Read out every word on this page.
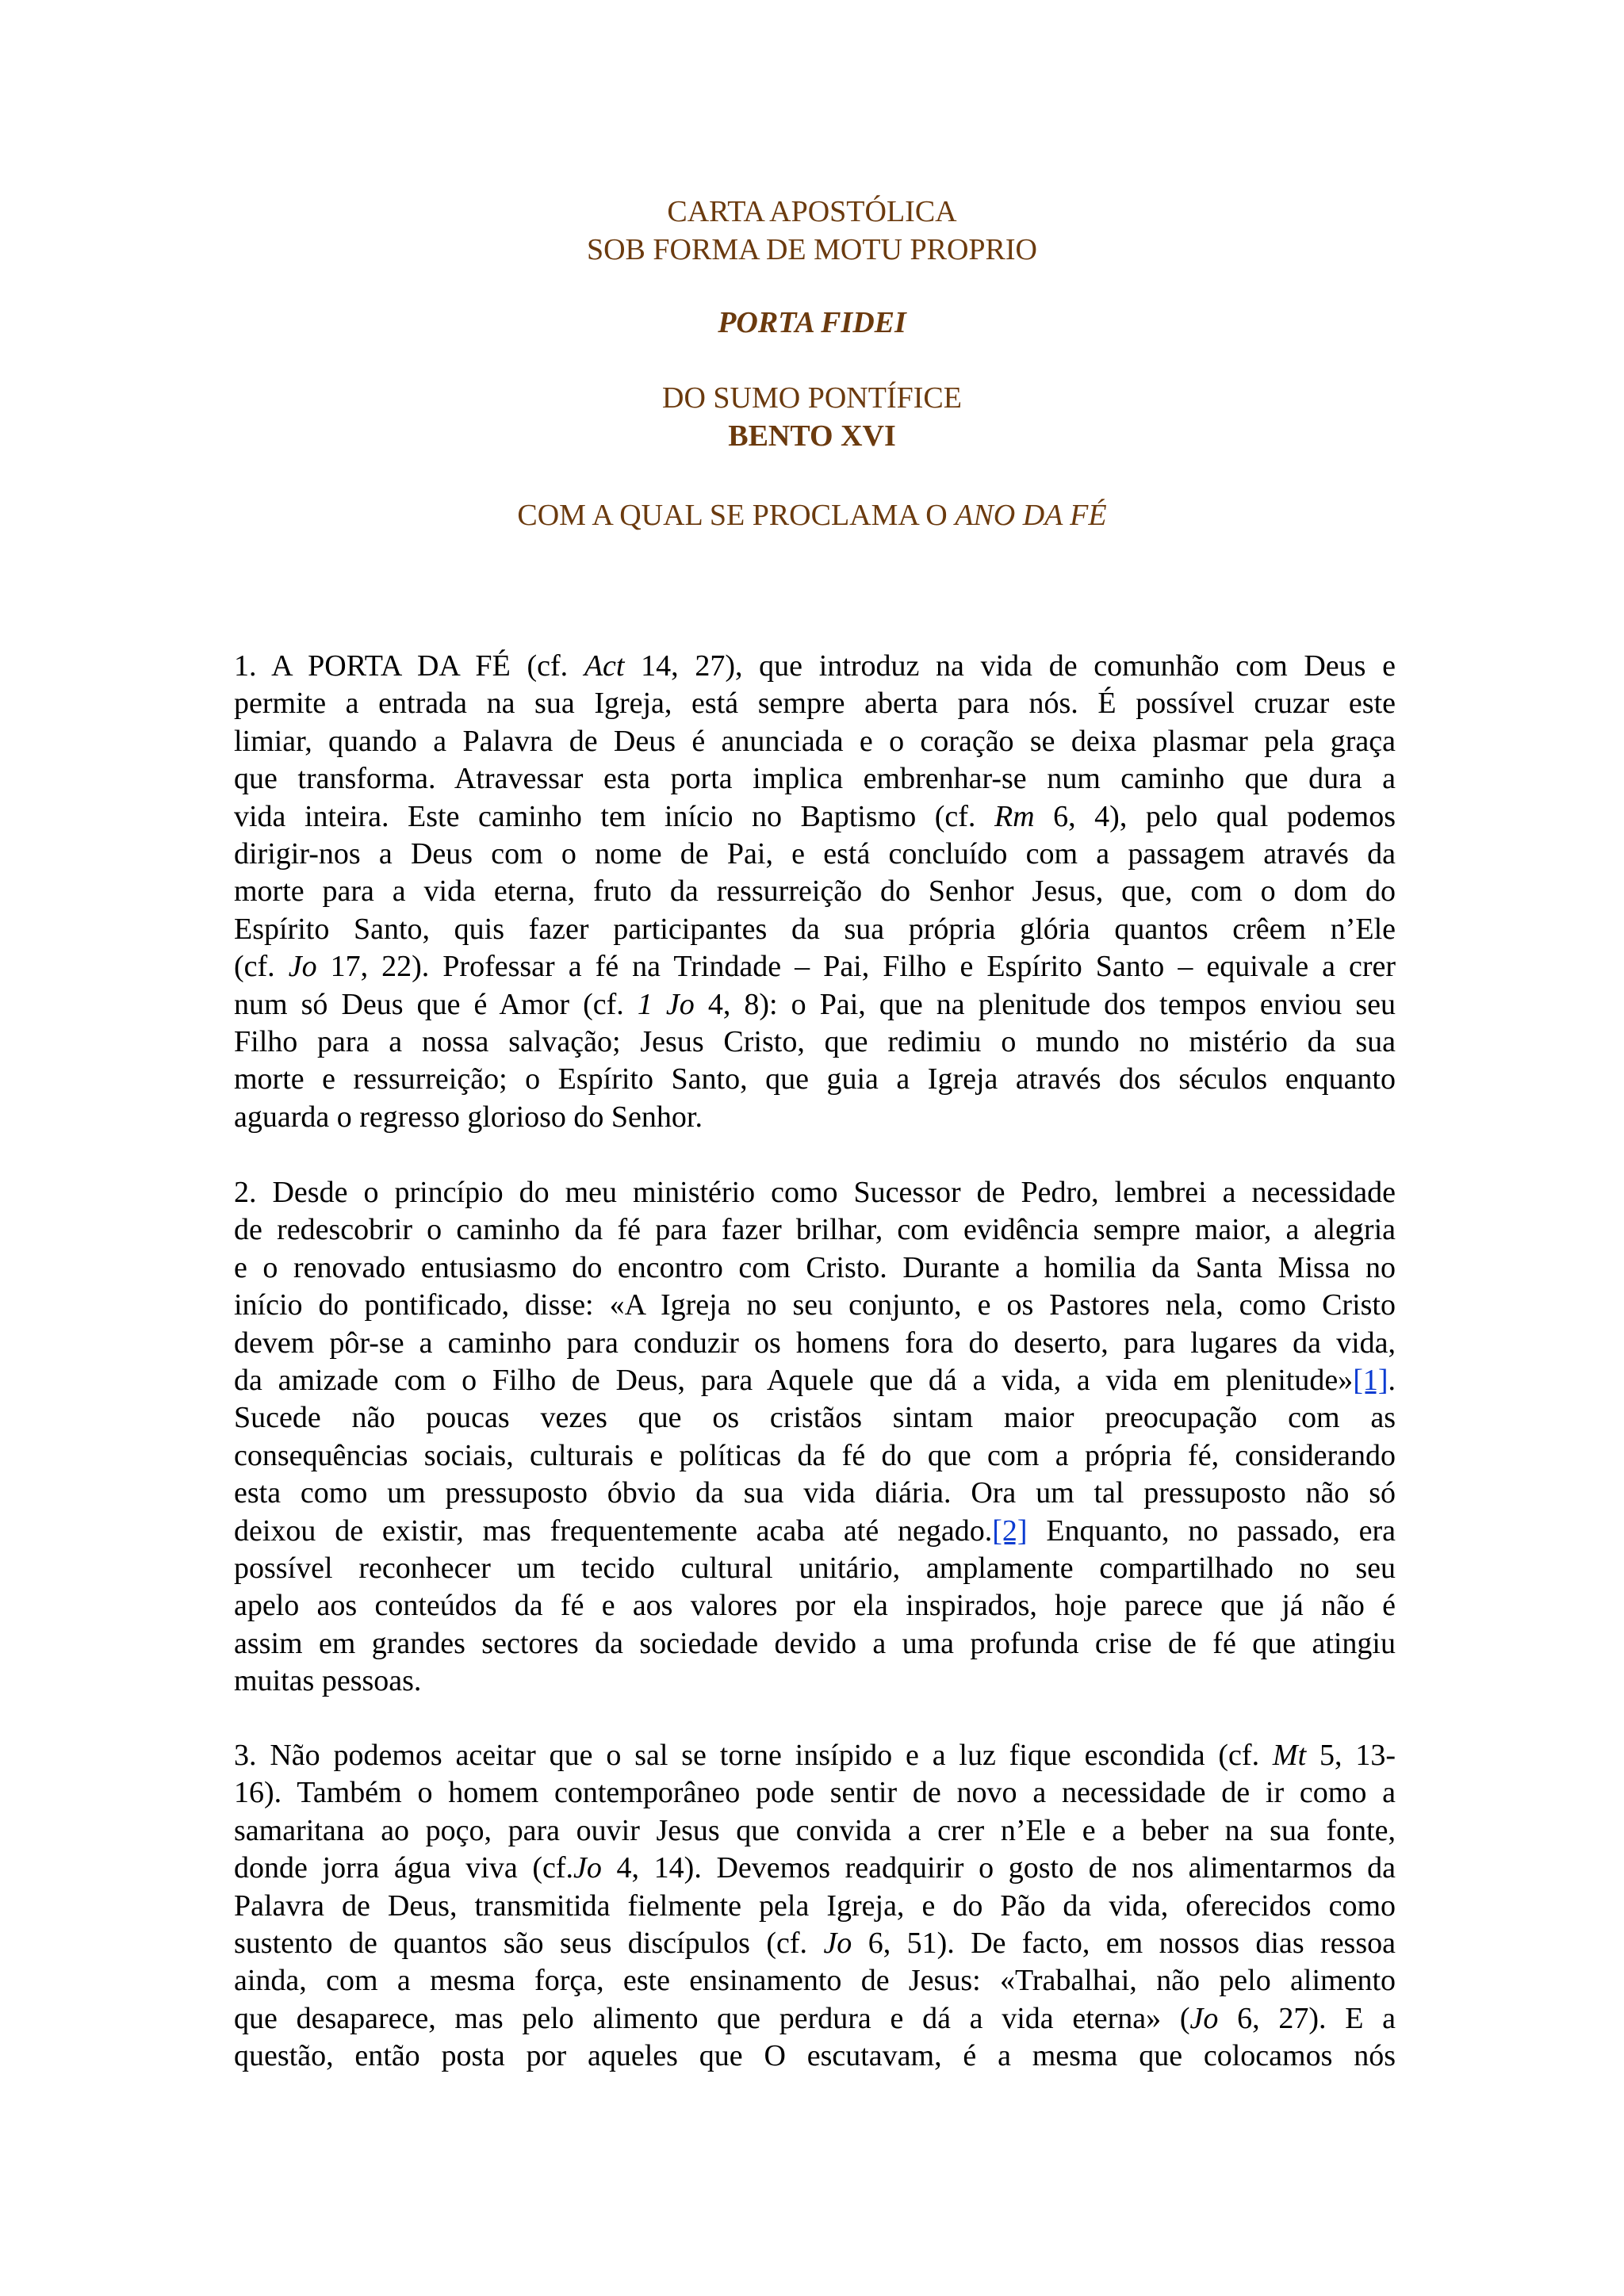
CARTA APOSTÓLICA
SOB FORMA DE MOTU PROPRIO
PORTA FIDEI
DO SUMO PONTÍFICE
BENTO XVI
COM A QUAL SE PROCLAMA O ANO DA FÉ

1. A PORTA DA FÉ (cf. Act 14, 27), que introduz na vida de comunhão com Deus e
permite a entrada na sua Igreja, está sempre aberta para nós. É possível cruzar este
limiar, quando a Palavra de Deus é anunciada e o coração se deixa plasmar pela graça
que transforma. Atravessar esta porta implica embrenhar-se num caminho que dura a
vida inteira. Este caminho tem início no Baptismo (cf. Rm 6, 4), pelo qual podemos
dirigir-nos a Deus com o nome de Pai, e está concluído com a passagem através da
morte para a vida eterna, fruto da ressurreição do Senhor Jesus, que, com o dom do
Espírito Santo, quis fazer participantes da sua própria glória quantos crêem n’Ele
(cf. Jo 17, 22). Professar a fé na Trindade – Pai, Filho e Espírito Santo – equivale a crer
num só Deus que é Amor (cf. 1 Jo 4, 8): o Pai, que na plenitude dos tempos enviou seu
Filho para a nossa salvação; Jesus Cristo, que redimiu o mundo no mistério da sua
morte e ressurreição; o Espírito Santo, que guia a Igreja através dos séculos enquanto
aguarda o regresso glorioso do Senhor.

2. Desde o princípio do meu ministério como Sucessor de Pedro, lembrei a necessidade
de redescobrir o caminho da fé para fazer brilhar, com evidência sempre maior, a alegria
e o renovado entusiasmo do encontro com Cristo. Durante a homilia da Santa Missa no
início do pontificado, disse: «A Igreja no seu conjunto, e os Pastores nela, como Cristo
devem pôr-se a caminho para conduzir os homens fora do deserto, para lugares da vida,
da amizade com o Filho de Deus, para Aquele que dá a vida, a vida em plenitude»[1].
Sucede não poucas vezes que os cristãos sintam maior preocupação com as
consequências sociais, culturais e políticas da fé do que com a própria fé, considerando
esta como um pressuposto óbvio da sua vida diária. Ora um tal pressuposto não só
deixou de existir, mas frequentemente acaba até negado.[2] Enquanto, no passado, era
possível reconhecer um tecido cultural unitário, amplamente compartilhado no seu
apelo aos conteúdos da fé e aos valores por ela inspirados, hoje parece que já não é
assim em grandes sectores da sociedade devido a uma profunda crise de fé que atingiu
muitas pessoas.

3. Não podemos aceitar que o sal se torne insípido e a luz fique escondida (cf. Mt 5, 13-
16). Também o homem contemporâneo pode sentir de novo a necessidade de ir como a
samaritana ao poço, para ouvir Jesus que convida a crer n’Ele e a beber na sua fonte,
donde jorra água viva (cf.Jo 4, 14). Devemos readquirir o gosto de nos alimentarmos da
Palavra de Deus, transmitida fielmente pela Igreja, e do Pão da vida, oferecidos como
sustento de quantos são seus discípulos (cf. Jo 6, 51). De facto, em nossos dias ressoa
ainda, com a mesma força, este ensinamento de Jesus: «Trabalhai, não pelo alimento
que desaparece, mas pelo alimento que perdura e dá a vida eterna» (Jo 6, 27). E a
questão, então posta por aqueles que O escutavam, é a mesma que colocamos nós
